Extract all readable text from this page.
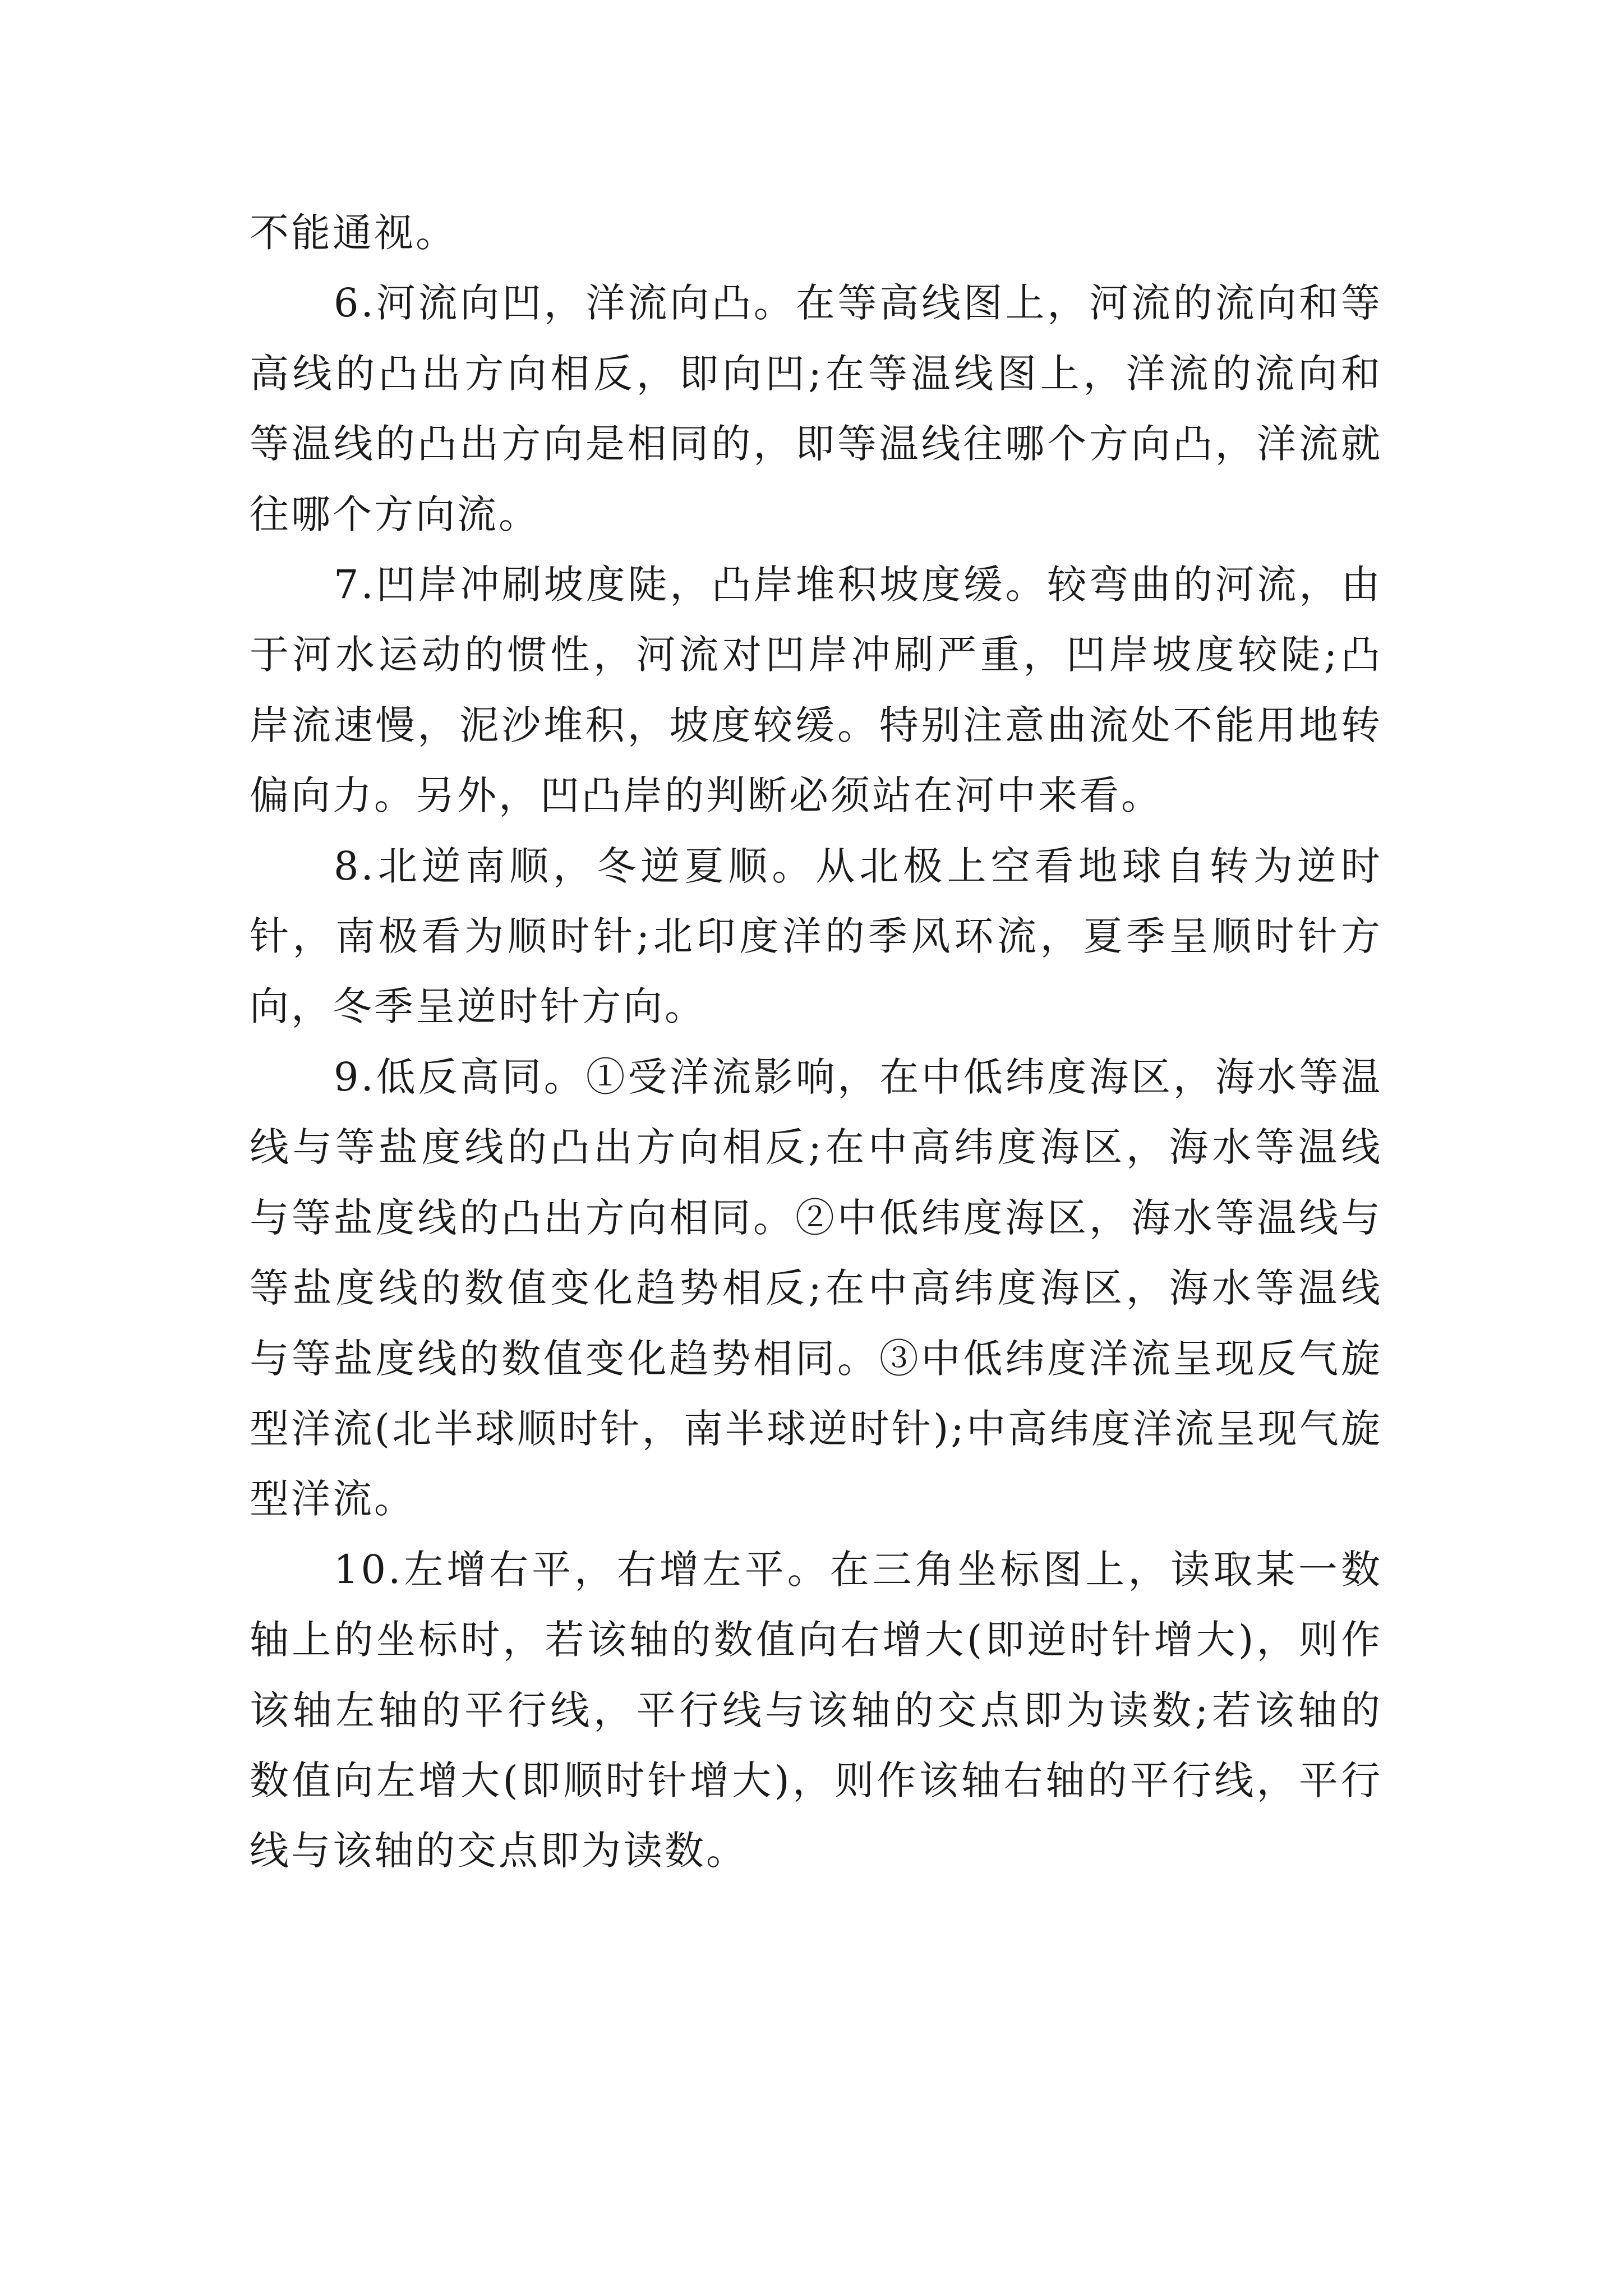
不能通视。

6.河流向凹，洋流向凸。在等高线图上，河流的流向和等高线的凸出方向相反，即向凹;在等温线图上，洋流的流向和等温线的凸出方向是相同的，即等温线往哪个方向凸，洋流就往哪个方向流。

7.凹岸冲刷坡度陡，凸岸堆积坡度缓。较弯曲的河流，由于河水运动的惯性，河流对凹岸冲刷严重，凹岸坡度较陡;凸岸流速慢，泥沙堆积，坡度较缓。特别注意曲流处不能用地转偏向力。另外，凹凸岸的判断必须站在河中来看。

8.北逆南顺，冬逆夏顺。从北极上空看地球自转为逆时针，南极看为顺时针;北印度洋的季风环流，夏季呈顺时针方向，冬季呈逆时针方向。

9.低反高同。①受洋流影响，在中低纬度海区，海水等温线与等盐度线的凸出方向相反;在中高纬度海区，海水等温线与等盐度线的凸出方向相同。②中低纬度海区，海水等温线与等盐度线的数值变化趋势相反;在中高纬度海区，海水等温线与等盐度线的数值变化趋势相同。③中低纬度洋流呈现反气旋型洋流(北半球顺时针，南半球逆时针);中高纬度洋流呈现气旋型洋流。

10.左增右平，右增左平。在三角坐标图上，读取某一数轴上的坐标时，若该轴的数值向右增大(即逆时针增大)，则作该轴左轴的平行线，平行线与该轴的交点即为读数;若该轴的数值向左增大(即顺时针增大)，则作该轴右轴的平行线，平行线与该轴的交点即为读数。
